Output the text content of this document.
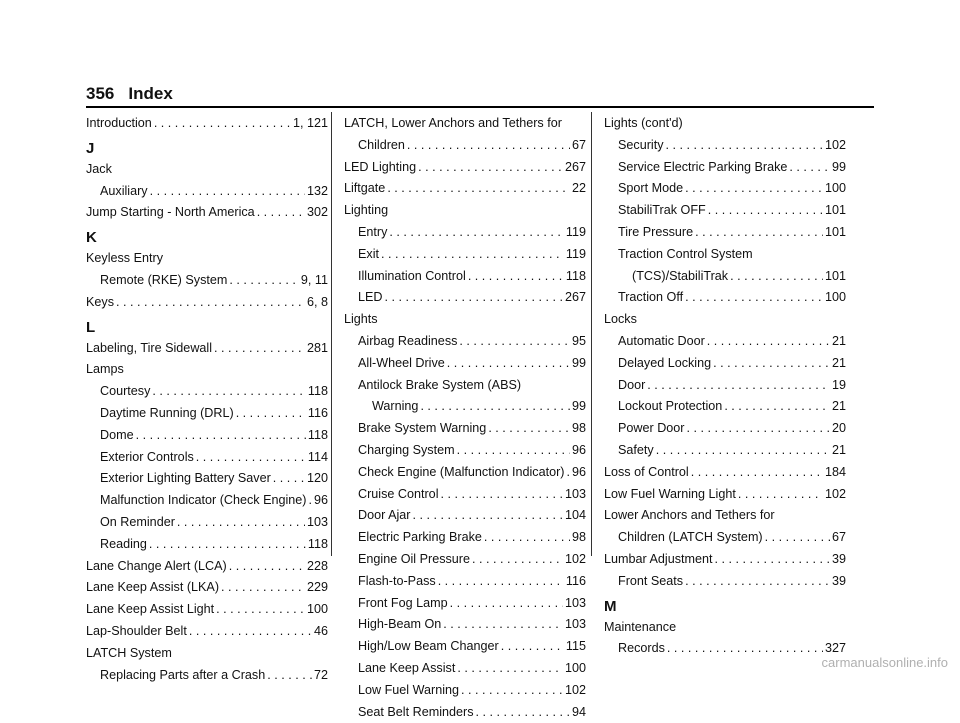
356 Index
Introduction . . .	1, 121
J
Jack
Auxiliary . . .	132
Jump Starting - North America . . .	302
K
Keyless Entry
Remote (RKE) System . . .	9, 11
Keys . . .	6, 8
L
Labeling, Tire Sidewall . . .	281
Lamps
Courtesy . . .	118
Daytime Running (DRL) . . .	116
Dome . . .	118
Exterior Controls . . .	114
Exterior Lighting Battery Saver . . .	120
Malfunction Indicator (Check Engine) . . . 96
On Reminder . . .	103
Reading . . .	118
Lane Change Alert (LCA) . . .	228
Lane Keep Assist (LKA) . . .	229
Lane Keep Assist Light . . .	100
Lap-Shoulder Belt . . .	46
LATCH System
Replacing Parts after a Crash . . .	72
LATCH, Lower Anchors and Tethers for
Children . . .	67
LED Lighting . . .	267
Liftgate . . .	22
Lighting
Entry . . .	119
Exit . . .	119
Illumination Control . . .	118
LED . . .	267
Lights
Airbag Readiness . . .	95
All-Wheel Drive . . .	99
Antilock Brake System (ABS)
Warning . . .	99
Brake System Warning . . .	98
Charging System . . .	96
Check Engine (Malfunction Indicator) . . . 96
Cruise Control . . .	103
Door Ajar . . .	104
Electric Parking Brake . . .	98
Engine Oil Pressure . . .	102
Flash-to-Pass . . .	116
Front Fog Lamp . . .	103
High-Beam On . . .	103
High/Low Beam Changer . . .	115
Lane Keep Assist . . .	100
Low Fuel Warning . . .	102
Seat Belt Reminders . . .	94
Lights (cont'd)
Security . . .	102
Service Electric Parking Brake . . .	99
Sport Mode . . .	100
StabiliTrak OFF . . .	101
Tire Pressure . . .	101
Traction Control System
(TCS)/StabiliTrak . . .	101
Traction Off . . .	100
Locks
Automatic Door . . .	21
Delayed Locking . . .	21
Door . . .	19
Lockout Protection . . .	21
Power Door . . .	20
Safety . . .	21
Loss of Control . . .	184
Low Fuel Warning Light . . .	102
Lower Anchors and Tethers for
Children (LATCH System) . . .	67
Lumbar Adjustment . . .	39
Front Seats . . .	39
M
Maintenance
Records . . .	327
carmanualsonline.info
